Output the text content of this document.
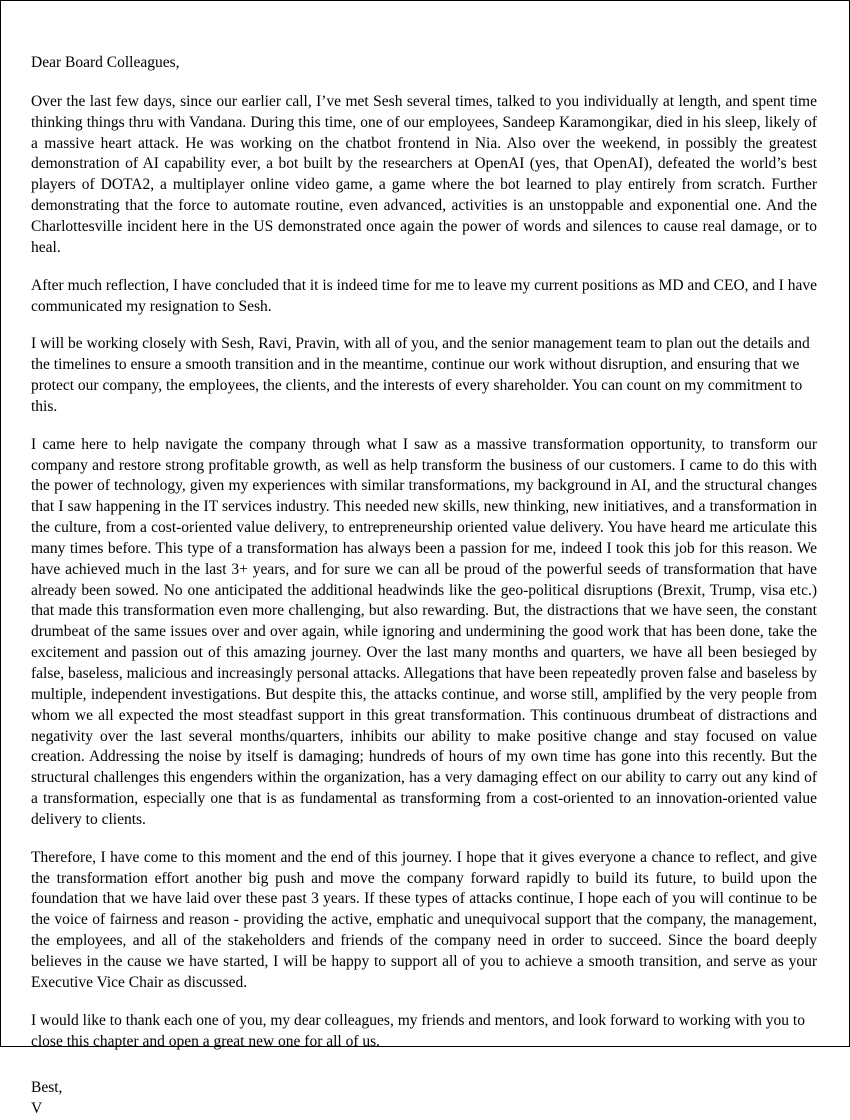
Dear Board Colleagues,

Over the last few days, since our earlier call, I’ve met Sesh several times, talked to you individually at length, and spent time thinking things thru with Vandana. During this time, one of our employees, Sandeep Karamongikar, died in his sleep, likely of a massive heart attack. He was working on the chatbot frontend in Nia. Also over the weekend, in possibly the greatest demonstration of AI capability ever, a bot built by the researchers at OpenAI (yes, that OpenAI), defeated the world’s best players of DOTA2, a multiplayer online video game, a game where the bot learned to play entirely from scratch. Further demonstrating that the force to automate routine, even advanced, activities is an unstoppable and exponential one. And the Charlottesville incident here in the US demonstrated once again the power of words and silences to cause real damage, or to heal.

After much reflection, I have concluded that it is indeed time for me to leave my current positions as MD and CEO, and I have communicated my resignation to Sesh.

I will be working closely with Sesh, Ravi, Pravin, with all of you, and the senior management team to plan out the details and the timelines to ensure a smooth transition and in the meantime, continue our work without disruption, and ensuring that we protect our company, the employees, the clients, and the interests of every shareholder. You can count on my commitment to this.

I came here to help navigate the company through what I saw as a massive transformation opportunity, to transform our company and restore strong profitable growth, as well as help transform the business of our customers. I came to do this with the power of technology, given my experiences with similar transformations, my background in AI, and the structural changes that I saw happening in the IT services industry. This needed new skills, new thinking, new initiatives, and a transformation in the culture, from a cost-oriented value delivery, to entrepreneurship oriented value delivery. You have heard me articulate this many times before. This type of a transformation has always been a passion for me, indeed I took this job for this reason. We have achieved much in the last 3+ years, and for sure we can all be proud of the powerful seeds of transformation that have already been sowed. No one anticipated the additional headwinds like the geo-political disruptions (Brexit, Trump, visa etc.) that made this transformation even more challenging, but also rewarding. But, the distractions that we have seen, the constant drumbeat of the same issues over and over again, while ignoring and undermining the good work that has been done, take the excitement and passion out of this amazing journey. Over the last many months and quarters, we have all been besieged by false, baseless, malicious and increasingly personal attacks. Allegations that have been repeatedly proven false and baseless by multiple, independent investigations. But despite this, the attacks continue, and worse still, amplified by the very people from whom we all expected the most steadfast support in this great transformation. This continuous drumbeat of distractions and negativity over the last several months/quarters, inhibits our ability to make positive change and stay focused on value creation. Addressing the noise by itself is damaging; hundreds of hours of my own time has gone into this recently. But the structural challenges this engenders within the organization, has a very damaging effect on our ability to carry out any kind of a transformation, especially one that is as fundamental as transforming from a cost-oriented to an innovation-oriented value delivery to clients.

Therefore, I have come to this moment and the end of this journey. I hope that it gives everyone a chance to reflect, and give the transformation effort another big push and move the company forward rapidly to build its future, to build upon the foundation that we have laid over these past 3 years. If these types of attacks continue, I hope each of you will continue to be the voice of fairness and reason - providing the active, emphatic and unequivocal support that the company, the management, the employees, and all of the stakeholders and friends of the company need in order to succeed. Since the board deeply believes in the cause we have started, I will be happy to support all of you to achieve a smooth transition, and serve as your Executive Vice Chair as discussed.

I would like to thank each one of you, my dear colleagues, my friends and mentors, and look forward to working with you to close this chapter and open a great new one for all of us.

Best,
V
